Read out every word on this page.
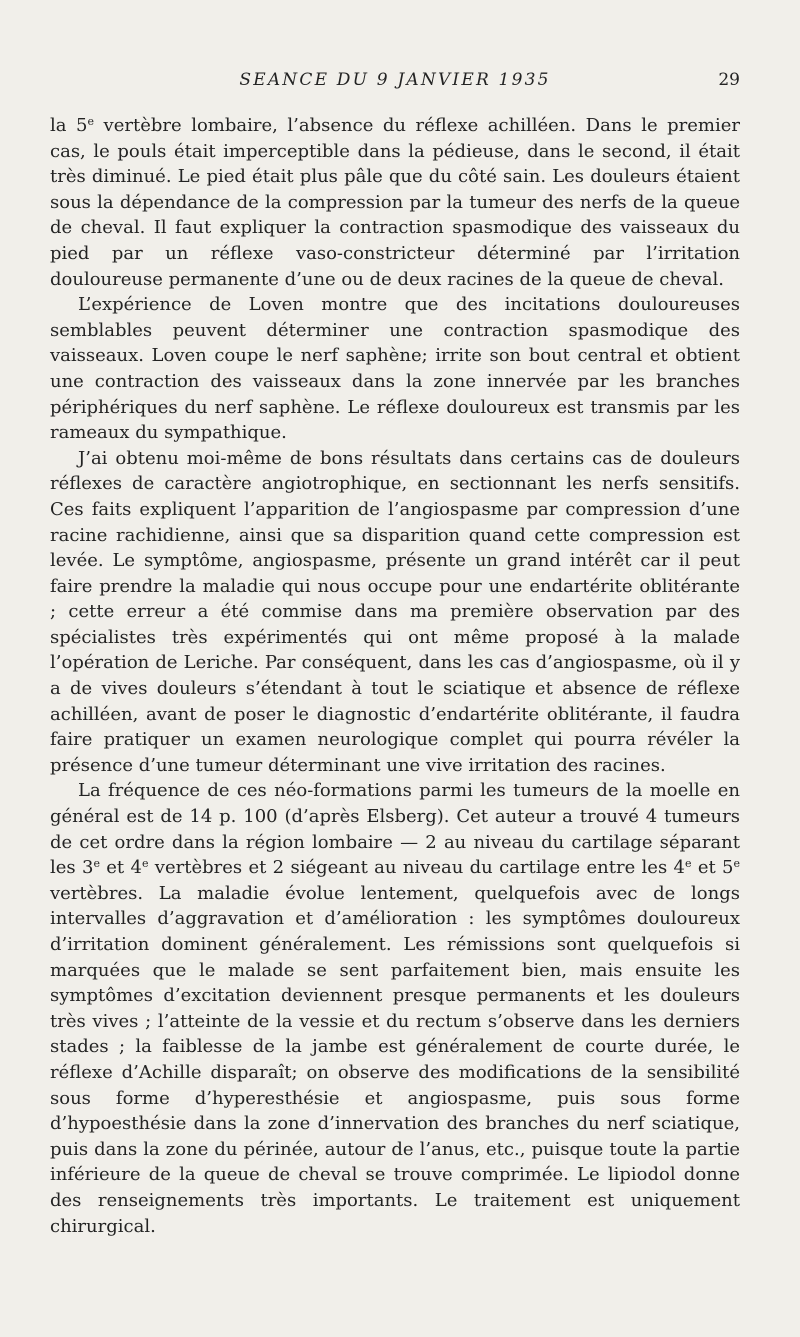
SEANCE DU 9 JANVIER 1935	29

la 5e vertèbre lombaire, l’absence du réflexe achilléen. Dans le premier cas, le pouls était imperceptible dans la pédieuse, dans le second, il était très diminué. Le pied était plus pâle que du côté sain. Les douleurs étaient sous la dépendance de la compression par la tumeur des nerfs de la queue de cheval. Il faut expliquer la contraction spasmodique des vaisseaux du pied par un réflexe vaso-constricteur déterminé par l’irritation douloureuse permanente d’une ou de deux racines de la queue de cheval.

L’expérience de Loven montre que des incitations douloureuses semblables peuvent déterminer une contraction spasmodique des vaisseaux. Loven coupe le nerf saphène; irrite son bout central et obtient une contraction des vaisseaux dans la zone innervée par les branches périphériques du nerf saphène. Le réflexe douloureux est transmis par les rameaux du sympathique.

J’ai obtenu moi-même de bons résultats dans certains cas de douleurs réflexes de caractère angiotrophique, en sectionnant les nerfs sensitifs. Ces faits expliquent l’apparition de l’angiospasme par compression d’une racine rachidienne, ainsi que sa disparition quand cette compression est levée. Le symptôme, angiospasme, présente un grand intérêt car il peut faire prendre la maladie qui nous occupe pour une endartérite oblitérante ; cette erreur a été commise dans ma première observation par des spécialistes très expérimentés qui ont même proposé à la malade l’opération de Leriche. Par conséquent, dans les cas d’angiospasme, où il y a de vives douleurs s’étendant à tout le sciatique et absence de réflexe achilléen, avant de poser le diagnostic d’endartérite oblitérante, il faudra faire pratiquer un examen neurologique complet qui pourra révéler la présence d’une tumeur déterminant une vive irritation des racines.

La fréquence de ces néo-formations parmi les tumeurs de la moelle en général est de 14 p. 100 (d’après Elsberg). Cet auteur a trouvé 4 tumeurs de cet ordre dans la région lombaire — 2 au niveau du cartilage séparant les 3e et 4e vertèbres et 2 siégeant au niveau du cartilage entre les 4e et 5e vertèbres. La maladie évolue lentement, quelquefois avec de longs intervalles d’aggravation et d’amélioration : les symptômes douloureux d’irritation dominent généralement. Les rémissions sont quelquefois si marquées que le malade se sent parfaitement bien, mais ensuite les symptômes d’excitation deviennent presque permanents et les douleurs très vives ; l’atteinte de la vessie et du rectum s’observe dans les derniers stades ; la faiblesse de la jambe est généralement de courte durée, le réflexe d’Achille disparaît; on observe des modifications de la sensibilité sous forme d’hyperesthésie et angiospasme, puis sous forme d’hypoesthésie dans la zone d’innervation des branches du nerf sciatique, puis dans la zone du périnée, autour de l’anus, etc., puisque toute la partie inférieure de la queue de cheval se trouve comprimée. Le lipiodol donne des renseignements très importants. Le traitement est uniquement chirurgical.
